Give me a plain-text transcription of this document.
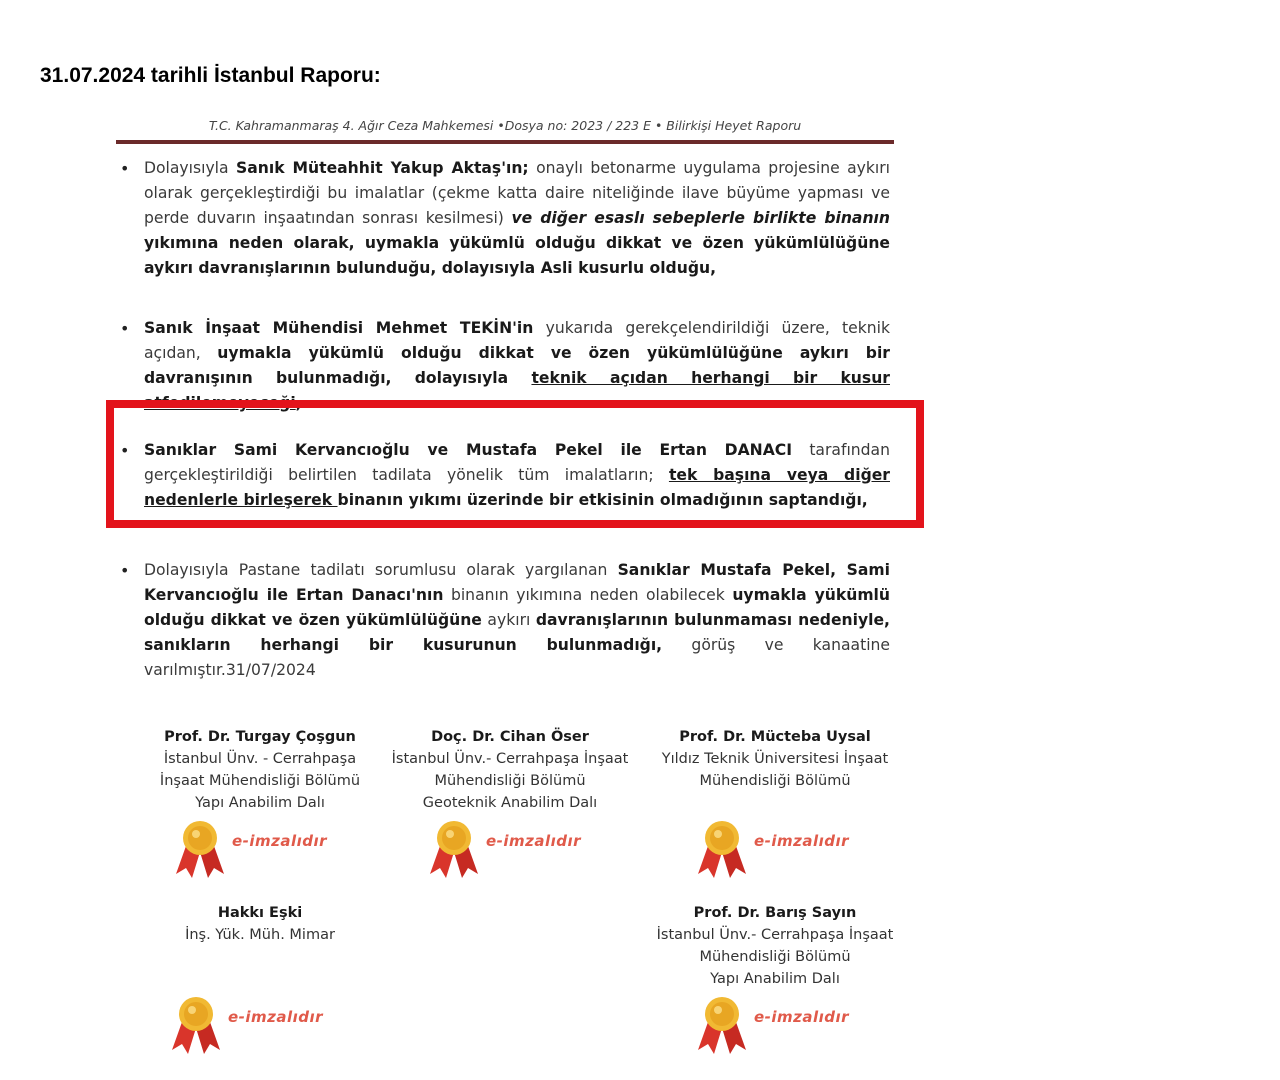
31.07.2024 tarihli İstanbul Raporu:
T.C. Kahramanmaraş 4. Ağır Ceza Mahkemesi •Dosya no: 2023 / 223 E • Bilirkişi Heyet Raporu
• Dolayısıyla Sanık Müteahhit Yakup Aktaş'ın; onaylı betonarme uygulama projesine aykırı olarak gerçekleştirdiği bu imalatlar (çekme katta daire niteliğinde ilave büyüme yapması ve perde duvarın inşaatından sonrası kesilmesi) ve diğer esaslı sebeplerle birlikte binanın yıkımına neden olarak, uymakla yükümlü olduğu dikkat ve özen yükümlülüğüne aykırı davranışlarının bulunduğu, dolayısıyla Asli kusurlu olduğu,
• Sanık İnşaat Mühendisi Mehmet TEKİN'in yukarıda gerekçelendirildiği üzere, teknik açıdan, uymakla yükümlü olduğu dikkat ve özen yükümlülüğüne aykırı bir davranışının bulunmadığı, dolayısıyla teknik açıdan herhangi bir kusur atfedilemeyeceği,
• Sanıklar Sami Kervancıoğlu ve Mustafa Pekel ile Ertan DANACI tarafından gerçekleştirildiği belirtilen tadilata yönelik tüm imalatların; tek başına veya diğer nedenlerle birleşerek binanın yıkımı üzerinde bir etkisinin olmadığının saptandığı,
• Dolayısıyla Pastane tadilatı sorumlusu olarak yargılanan Sanıklar Mustafa Pekel, Sami Kervancıoğlu ile Ertan Danacı'nın binanın yıkımına neden olabilecek uymakla yükümlü olduğu dikkat ve özen yükümlülüğüne aykırı davranışlarının bulunmaması nedeniyle, sanıkların herhangi bir kusurunun bulunmadığı, görüş ve kanaatine varılmıştır.31/07/2024
Prof. Dr. Turgay Çoşgun
İstanbul Ünv. - Cerrahpaşa
İnşaat Mühendisliği Bölümü
Yapı Anabilim Dalı
Doç. Dr. Cihan Öser
İstanbul Ünv.- Cerrahpaşa İnşaat
Mühendisliği Bölümü
Geoteknik Anabilim Dalı
Prof. Dr. Mücteba Uysal
Yıldız Teknik Üniversitesi İnşaat
Mühendisliği Bölümü
Hakkı Eşki
İnş. Yük. Müh. Mimar
Prof. Dr. Barış Sayın
İstanbul Ünv.- Cerrahpaşa İnşaat
Mühendisliği Bölümü
Yapı Anabilim Dalı
e-imzalıdır	e-imzalıdır	e-imzalıdır
e-imzalıdır	e-imzalıdır
